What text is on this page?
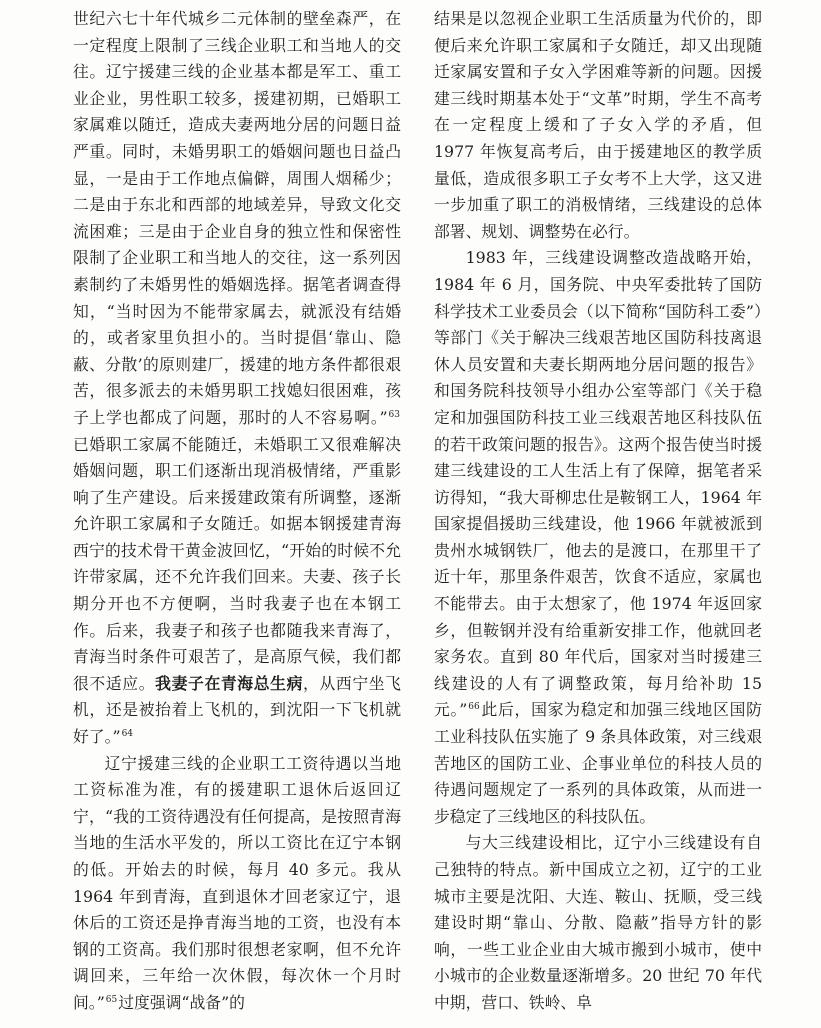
世纪六七十年代城乡二元体制的壁垒森严，在一定程度上限制了三线企业职工和当地人的交往。辽宁援建三线的企业基本都是军工、重工业企业，男性职工较多，援建初期，已婚职工家属难以随迁，造成夫妻两地分居的问题日益严重。同时，未婚男职工的婚姻问题也日益凸显，一是由于工作地点偏僻，周围人烟稀少；二是由于东北和西部的地域差异，导致文化交流困难；三是由于企业自身的独立性和保密性限制了企业职工和当地人的交往，这一系列因素制约了未婚男性的婚姻选择。据笔者调查得知，“当时因为不能带家属去，就派没有结婚的，或者家里负担小的。当时提倡‘靠山、隐蔽、分散’的原则建厂，援建的地方条件都很艰苦，很多派去的未婚男职工找媳妇很困难，孩子上学也都成了问题，那时的人不容易啊。”$^{63}$已婚职工家属不能随迁，未婚职工又很难解决婚姻问题，职工们逐渐出现消极情绪，严重影响了生产建设。后来援建政策有所调整，逐渐允许职工家属和子女随迁。如据本钢援建青海西宁的技术骨干黄金波回忆，“开始的时候不允许带家属，还不允许我们回来。夫妻、孩子长期分开也不方便啊，当时我妻子也在本钢工作。后来，我妻子和孩子也都随我来青海了，青海当时条件可艰苦了，是高原气候，我们都很不适应。我妻子在青海总生病，从西宁坐飞机，还是被抬着上飞机的，到沈阳一下飞机就好了。”$^{64}$

辽宁援建三线的企业职工工资待遇以当地工资标准为准，有的援建职工退休后返回辽宁，“我的工资待遇没有任何提高，是按照青海当地的生活水平发的，所以工资比在辽宁本钢的低。开始去的时候，每月 40 多元。我从 1964 年到青海，直到退休才回老家辽宁，退休后的工资还是挣青海当地的工资，也没有本钢的工资高。我们那时很想老家啊，但不允许调回来，三年给一次休假，每次休一个月时间。”$^{65}$过度强调“战备”的

结果是以忽视企业职工生活质量为代价的，即便后来允许职工家属和子女随迁，却又出现随迁家属安置和子女入学困难等新的问题。因援建三线时期基本处于“文革”时期，学生不高考在一定程度上缓和了子女入学的矛盾，但 1977 年恢复高考后，由于援建地区的教学质量低，造成很多职工子女考不上大学，这又进一步加重了职工的消极情绪，三线建设的总体部署、规划、调整势在必行。

1983 年，三线建设调整改造战略开始，1984 年 6 月，国务院、中央军委批转了国防科学技术工业委员会（以下简称“国防科工委”）等部门《关于解决三线艰苦地区国防科技离退休人员安置和夫妻长期两地分居问题的报告》和国务院科技领导小组办公室等部门《关于稳定和加强国防科技工业三线艰苦地区科技队伍的若干政策问题的报告》。这两个报告使当时援建三线建设的工人生活上有了保障，据笔者采访得知，“我大哥柳忠仕是鞍钢工人，1964 年国家提倡援助三线建设，他 1966 年就被派到贵州水城钢铁厂，他去的是渡口，在那里干了近十年，那里条件艰苦，饮食不适应，家属也不能带去。由于太想家了，他 1974 年返回家乡，但鞍钢并没有给重新安排工作，他就回老家务农。直到 80 年代后，国家对当时援建三线建设的人有了调整政策，每月给补助 15 元。”$^{66}$此后，国家为稳定和加强三线地区国防工业科技队伍实施了 9 条具体政策，对三线艰苦地区的国防工业、企事业单位的科技人员的待遇问题规定了一系列的具体政策，从而进一步稳定了三线地区的科技队伍。

与大三线建设相比，辽宁小三线建设有自己独特的特点。新中国成立之初，辽宁的工业城市主要是沈阳、大连、鞍山、抚顺，受三线建设时期“靠山、分散、隐蔽”指导方针的影响，一些工业企业由大城市搬到小城市，使中小城市的企业数量逐渐增多。20 世纪 70 年代中期，营口、铁岭、阜
